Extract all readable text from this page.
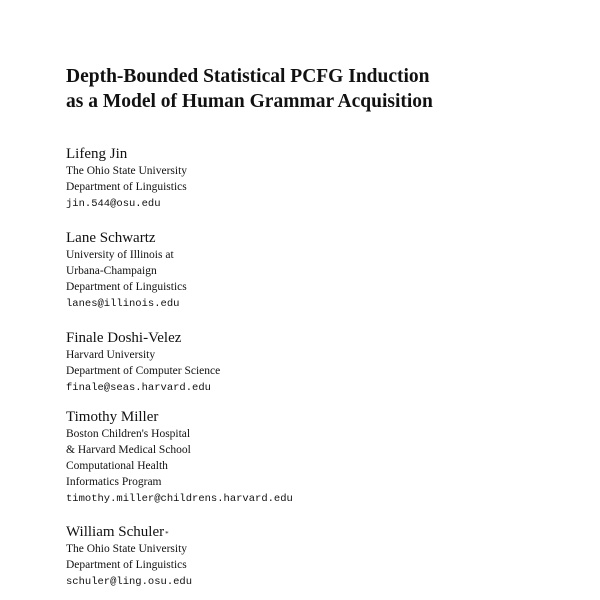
Depth-Bounded Statistical PCFG Induction
as a Model of Human Grammar Acquisition
Lifeng Jin
The Ohio State University
Department of Linguistics
jin.544@osu.edu
Lane Schwartz
University of Illinois at
Urbana-Champaign
Department of Linguistics
lanes@illinois.edu
Finale Doshi-Velez
Harvard University
Department of Computer Science
finale@seas.harvard.edu
Timothy Miller
Boston Children's Hospital
& Harvard Medical School
Computational Health
Informatics Program
timothy.miller@childrens.harvard.edu
William Schuler*
The Ohio State University
Department of Linguistics
schuler@ling.osu.edu
